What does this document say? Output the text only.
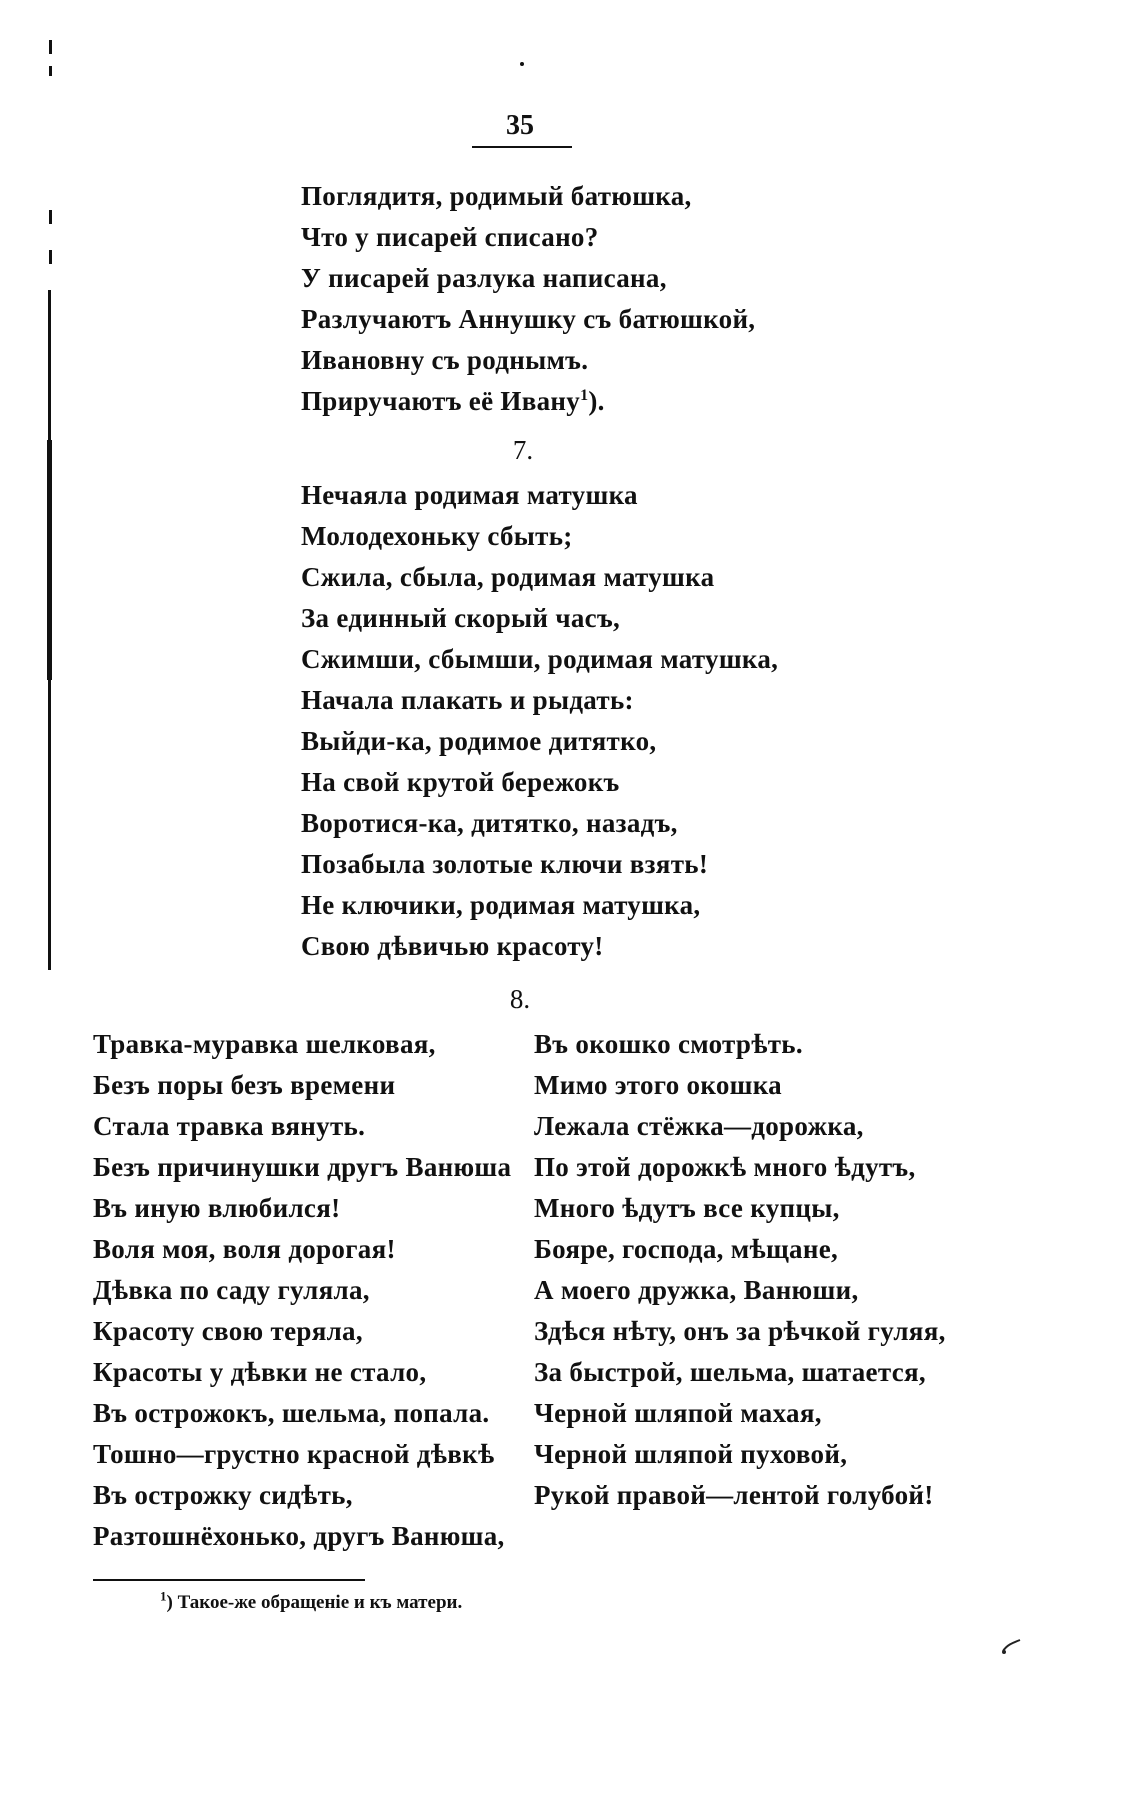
35
Поглядитя, родимый батюшка,
Что у писарей списано?
У писарей разлука написана,
Разлучаютъ Аннушку съ батюшкой,
Ивановну съ роднымъ.
Приручаютъ её Ивану$^1$).
7.
Нечаяла родимая матушка
Молодехоньку сбыть;
Сжила, сбыла, родимая матушка
За единный скорый часъ,
Сжимши, сбымши, родимая матушка,
Начала плакать и рыдать:
Выйди-ка, родимое дитятко,
На свой крутой бережокъ
Воротися-ка, дитятко, назадъ,
Позабыла золотые ключи взять!
Не ключики, родимая матушка,
Свою дѣвичью красоту!
8.
Травка-муравка шелковая,
Безъ поры безъ времени
Стала травка вянуть.
Безъ причинушки другъ Ванюша
Въ иную влюбился!
Воля моя, воля дорогая!
Дѣвка по саду гуляла,
Красоту свою теряла,
Красоты у дѣвки не стало,
Въ острожокъ, шельма, попала.
Тошно—грустно красной дѣвкѣ
Въ острожку сидѣть,
Разтошнёхонько, другъ Ванюша,
Въ окошко смотрѣть.
Мимо этого окошка
Лежала стёжка—дорожка,
По этой дорожкѣ много ѣдутъ,
Много ѣдутъ все купцы,
Бояре, господа, мѣщане,
А моего дружка, Ванюши,
Здѣся нѣту, онъ за рѣчкой гуляя,
За быстрой, шельма, шатается,
Черной шляпой махая,
Черной шляпой пуховой,
Рукой правой—лентой голубой!
$^1$) Такое-же обращеніе и къ матери.
